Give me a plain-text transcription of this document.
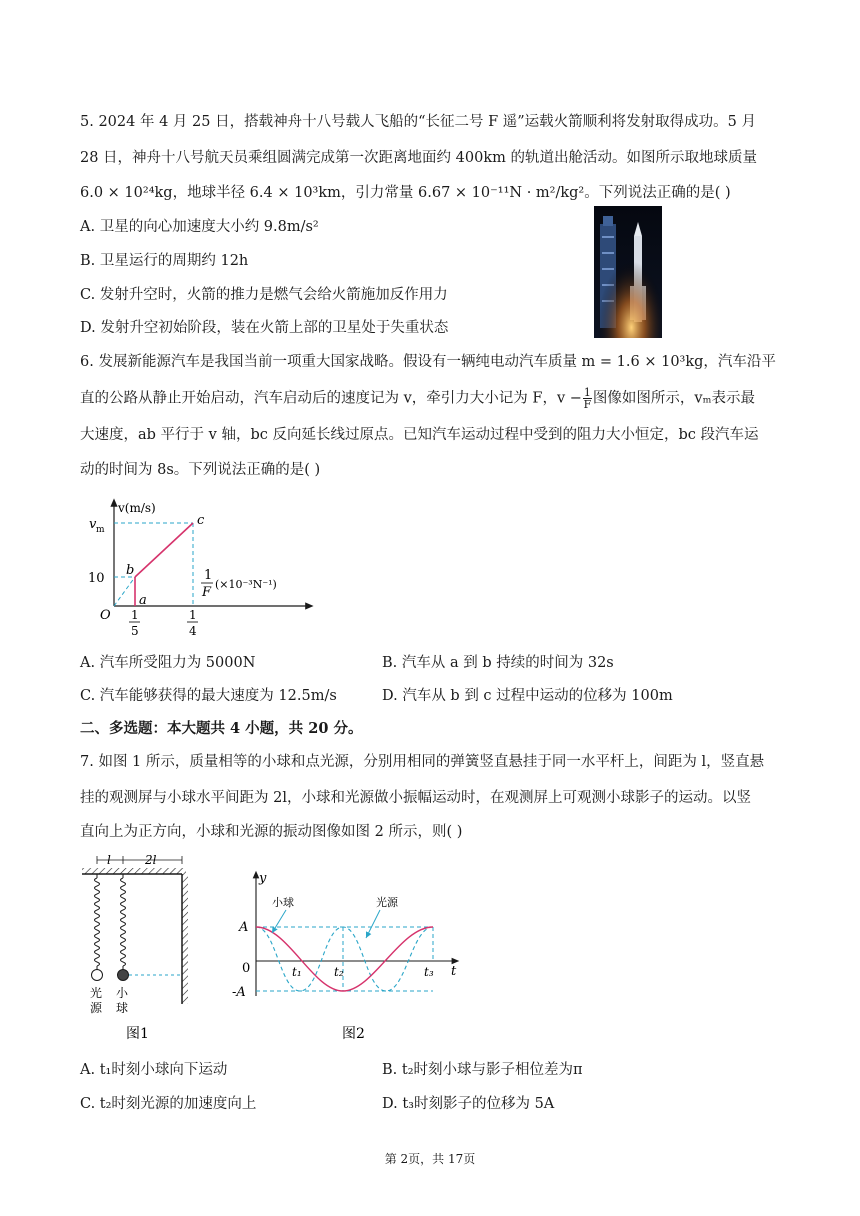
5. 2024 年 4 月 25 日，搭载神舟十八号载人飞船的“长征二号 F 遥”运载火箭顺利将发射取得成功。5 月
28 日，神舟十八号航天员乘组圆满完成第一次距离地面约 400km 的轨道出舱活动。如图所示取地球质量
6.0 × 10²⁴kg，地球半径 6.4 × 10³km，引力常量 6.67 × 10⁻¹¹N · m²/kg²。下列说法正确的是( )
A. 卫星的向心加速度大小约 9.8m/s²
B. 卫星运行的周期约 12h
C. 发射升空时，火箭的推力是燃气会给火箭施加反作用力
D. 发射升空初始阶段，装在火箭上部的卫星处于失重状态
6. 发展新能源汽车是我国当前一项重大国家战略。假设有一辆纯电动汽车质量 m = 1.6 × 10³kg，汽车沿平
直的公路从静止开始启动，汽车启动后的速度记为 v，牵引力大小记为 F，$v - \frac{1}{F}$ 图像如图所示，vₘ表示最
大速度，ab 平行于 v 轴，bc 反向延长线过原点。已知汽车运动过程中受到的阻力大小恒定，bc 段汽车运
动的时间为 8s。下列说法正确的是( )
v(m/s)
v m
10
O
b
c
a
1
5
1
4
1
F
(×10⁻³N⁻¹)
A. 汽车所受阻力为 5000N	B. 汽车从 a 到 b 持续的时间为 32s
C. 汽车能够获得的最大速度为 12.5m/s	D. 汽车从 b 到 c 过程中运动的位移为 100m
二、多选题：本大题共 4 小题，共 20 分。
7. 如图 1 所示，质量相等的小球和点光源，分别用相同的弹簧竖直悬挂于同一水平杆上，间距为 l，竖直悬
挂的观测屏与小球水平间距为 2l，小球和光源做小振幅运动时，在观测屏上可观测小球影子的运动。以竖
直向上为正方向，小球和光源的振动图像如图 2 所示，则( )
l	2l
光
源
小
球
图1
小球	光源
y
t
A
-A
0	t₁	t₂	t₃
图2
A. t₁时刻小球向下运动	B. t₂时刻小球与影子相位差为π
C. t₂时刻光源的加速度向上	D. t₃时刻影子的位移为 5A
第 2页，共 17页
